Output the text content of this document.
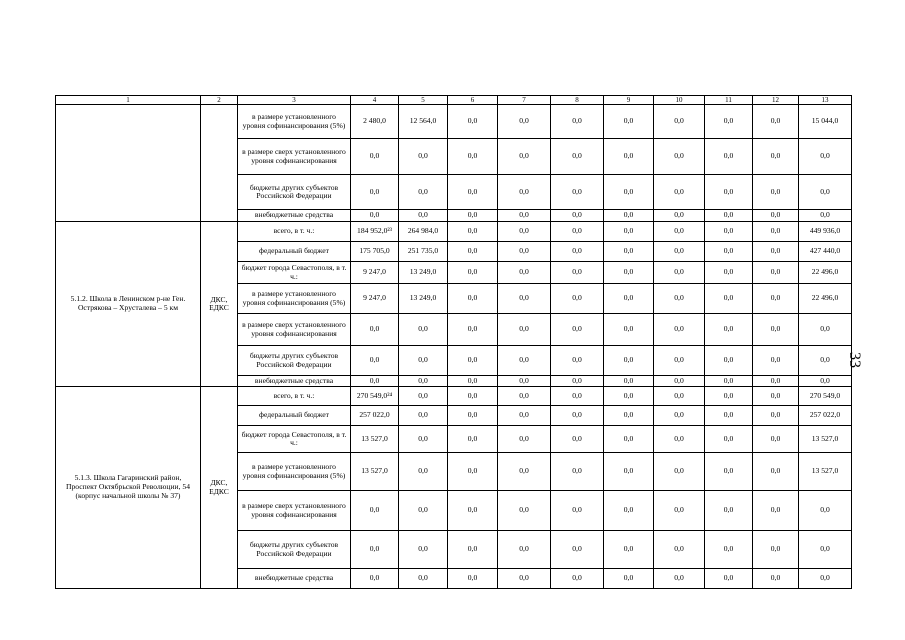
1	2	3	4	5	6	7	8	9	10	11	12	13
		в размере установленного уровня софинансирования (5%)	2 480,0	12 564,0	0,0	0,0	0,0	0,0	0,0	0,0	0,0	15 044,0
		в размере сверх установленного уровня софинансирования	0,0	0,0	0,0	0,0	0,0	0,0	0,0	0,0	0,0	0,0
		бюджеты других субъектов Российской Федерации	0,0	0,0	0,0	0,0	0,0	0,0	0,0	0,0	0,0	0,0
		внебюджетные средства	0,0	0,0	0,0	0,0	0,0	0,0	0,0	0,0	0,0	0,0
5.1.2. Школа в Ленинском р-не Ген. Острякова – Хрусталева – 5 км	ДКС, ЕДКС	всего, в т. ч.:	184 952,0²³	264 984,0	0,0	0,0	0,0	0,0	0,0	0,0	0,0	449 936,0
		федеральный бюджет	175 705,0	251 735,0	0,0	0,0	0,0	0,0	0,0	0,0	0,0	427 440,0
		бюджет города Севастополя, в т. ч.:	9 247,0	13 249,0	0,0	0,0	0,0	0,0	0,0	0,0	0,0	22 496,0
		в размере установленного уровня софинансирования (5%)	9 247,0	13 249,0	0,0	0,0	0,0	0,0	0,0	0,0	0,0	22 496,0
		в размере сверх установленного уровня софинансирования	0,0	0,0	0,0	0,0	0,0	0,0	0,0	0,0	0,0	0,0
		бюджеты других субъектов Российской Федерации	0,0	0,0	0,0	0,0	0,0	0,0	0,0	0,0	0,0	0,0
		внебюджетные средства	0,0	0,0	0,0	0,0	0,0	0,0	0,0	0,0	0,0	0,0
5.1.3. Школа Гагаринский район, Проспект Октябрьской Революции, 54 (корпус начальной школы № 37)	ДКС, ЕДКС	всего, в т. ч.:	270 549,0²⁴	0,0	0,0	0,0	0,0	0,0	0,0	0,0	0,0	270 549,0
		федеральный бюджет	257 022,0	0,0	0,0	0,0	0,0	0,0	0,0	0,0	0,0	257 022,0
		бюджет города Севастополя, в т. ч.:	13 527,0	0,0	0,0	0,0	0,0	0,0	0,0	0,0	0,0	13 527,0
		в размере установленного уровня софинансирования (5%)	13 527,0	0,0	0,0	0,0	0,0	0,0	0,0	0,0	0,0	13 527,0
		в размере сверх установленного уровня софинансирования	0,0	0,0	0,0	0,0	0,0	0,0	0,0	0,0	0,0	0,0
		бюджеты других субъектов Российской Федерации	0,0	0,0	0,0	0,0	0,0	0,0	0,0	0,0	0,0	0,0
		внебюджетные средства	0,0	0,0	0,0	0,0	0,0	0,0	0,0	0,0	0,0	0,0
33
